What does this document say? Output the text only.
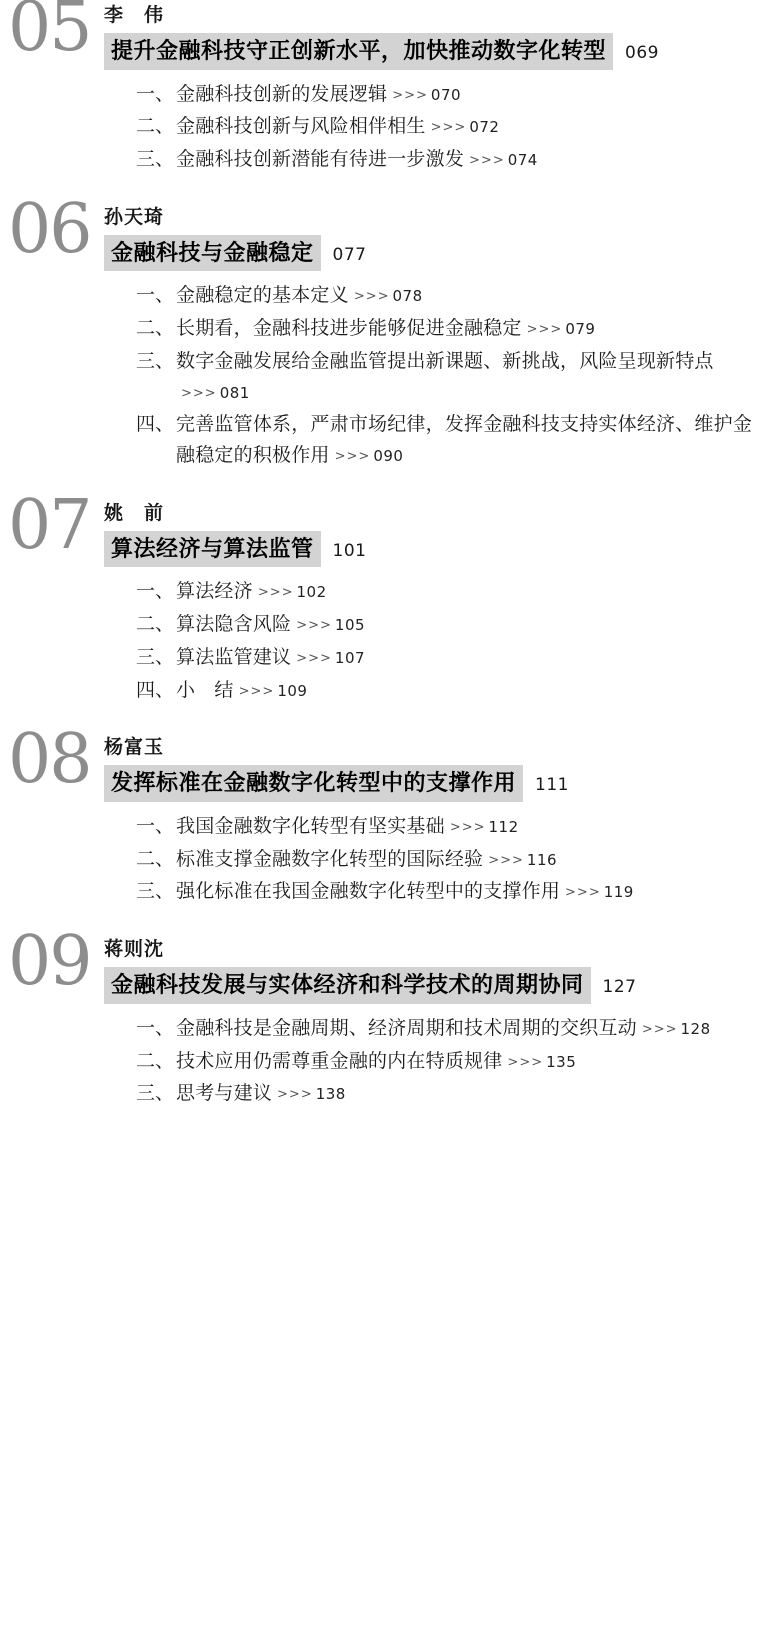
05 李　伟
提升金融科技守正创新水平，加快推动数字化转型	069
一、 金融科技创新的发展逻辑 >>> 070
二、 金融科技创新与风险相伴相生 >>> 072
三、 金融科技创新潜能有待进一步激发 >>> 074
06 孙天琦
金融科技与金融稳定	077
一、 金融稳定的基本定义 >>> 078
二、 长期看，金融科技进步能够促进金融稳定 >>> 079
三、 数字金融发展给金融监管提出新课题、新挑战，风险呈现新特点>>> 081
四、 完善监管体系，严肃市场纪律，发挥金融科技支持实体经济、维护金融稳定的积极作用 >>> 090
07 姚　前
算法经济与算法监管	101
一、 算法经济 >>> 102
二、 算法隐含风险 >>> 105
三、 算法监管建议 >>> 107
四、 小　结 >>> 109
08 杨富玉
发挥标准在金融数字化转型中的支撑作用	111
一、 我国金融数字化转型有坚实基础 >>> 112
二、 标准支撑金融数字化转型的国际经验 >>> 116
三、 强化标准在我国金融数字化转型中的支撑作用 >>> 119
09 蒋则沈
金融科技发展与实体经济和科学技术的周期协同	127
一、 金融科技是金融周期、经济周期和技术周期的交织互动 >>> 128
二、 技术应用仍需尊重金融的内在特质规律 >>> 135
三、 思考与建议 >>> 138
